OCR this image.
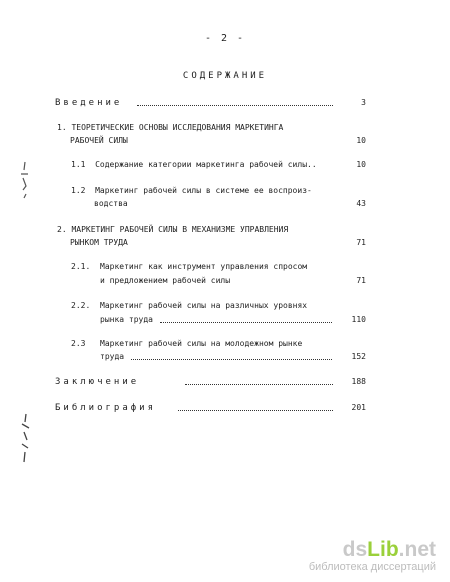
- 2 -
СОДЕРЖАНИЕ
Введение	3
1. ТЕОРЕТИЧЕСКИЕ ОСНОВЫ ИССЛЕДОВАНИЯ МАРКЕТИНГА
РАБОЧЕЙ СИЛЫ	10
1.1  Содержание категории маркетинга рабочей силы..	10
1.2  Маркетинг рабочей силы в системе ее воспроиз-
водства	43
2. МАРКЕТИНГ РАБОЧЕЙ СИЛЫ В МЕХАНИЗМЕ УПРАВЛЕНИЯ
РЫНКОМ ТРУДА	71
2.1. Маркетинг как инструмент управления спросом
и предложением рабочей силы	71
2.2. Маркетинг рабочей силы на различных уровнях
рынка труда	110
2.3 Маркетинг рабочей силы на молодежном рынке
труда	152
Заключение	188
Библиография	201
dsLib.net
библиотека диссертаций
